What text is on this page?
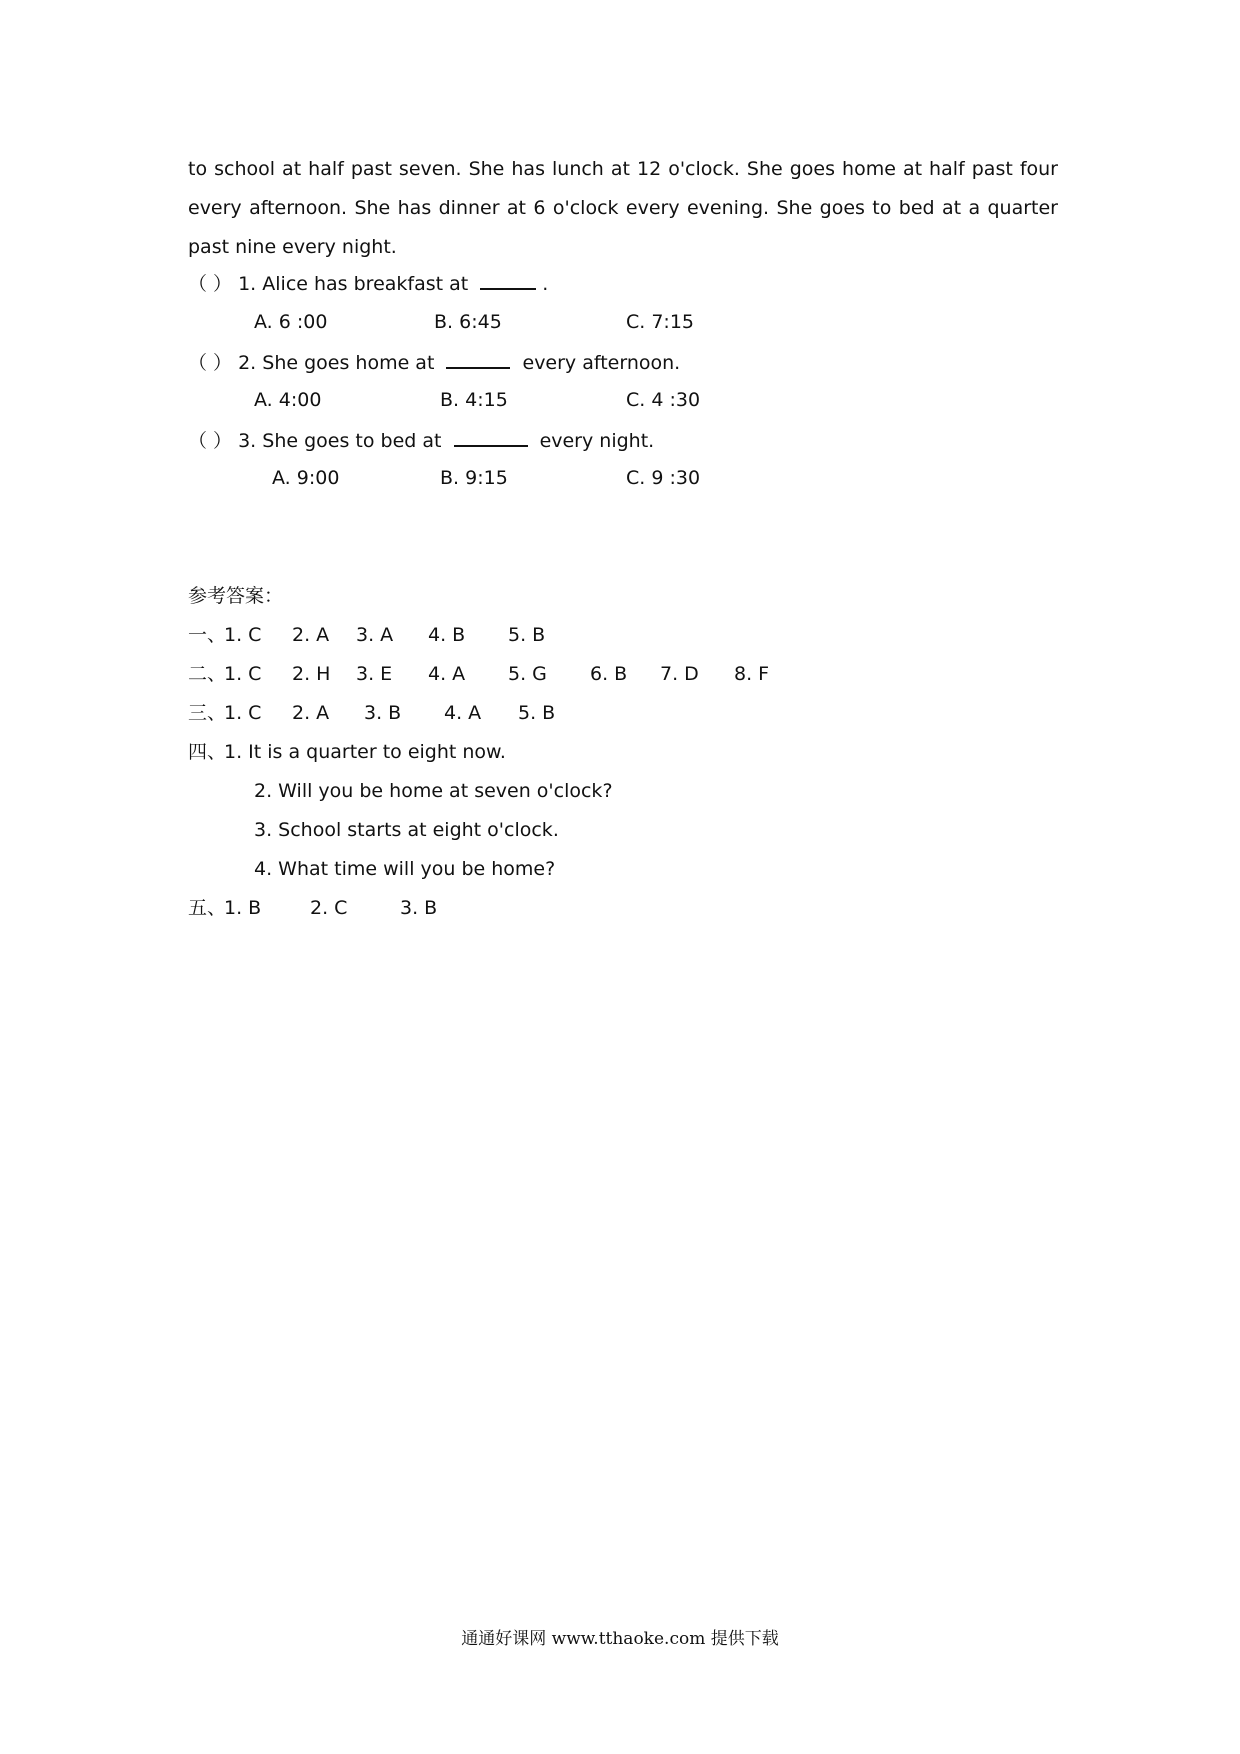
to school at half past seven. She has lunch at 12 o'clock. She goes home at half past four every afternoon. She has dinner at 6 o'clock every evening. She goes to bed at a quarter past nine every night.
（ ） 1. Alice has breakfast at	.
A. 6 :00	B. 6:45	C. 7:15
（ ） 2. She goes home at	every afternoon.
A. 4:00	B. 4:15	C. 4 :30
（ ） 3. She goes to bed at	every night.
A. 9:00	B. 9:15	C. 9 :30
参考答案：
一、
1. C 2. A 3. A 4. B 5. B
二、
1. C 2. H 3. E 4. A 5. G 6. B 7. D 8. F
三、
1. C 2. A 3. B 4. A 5. B
四、
1. It is a quarter to eight now.
2. Will you be home at seven o'clock?
3. School starts at eight o'clock.
4. What time will you be home?
五、
1. B	2. C	3. B
通通好课网 www.tthaoke.com 提供下载
